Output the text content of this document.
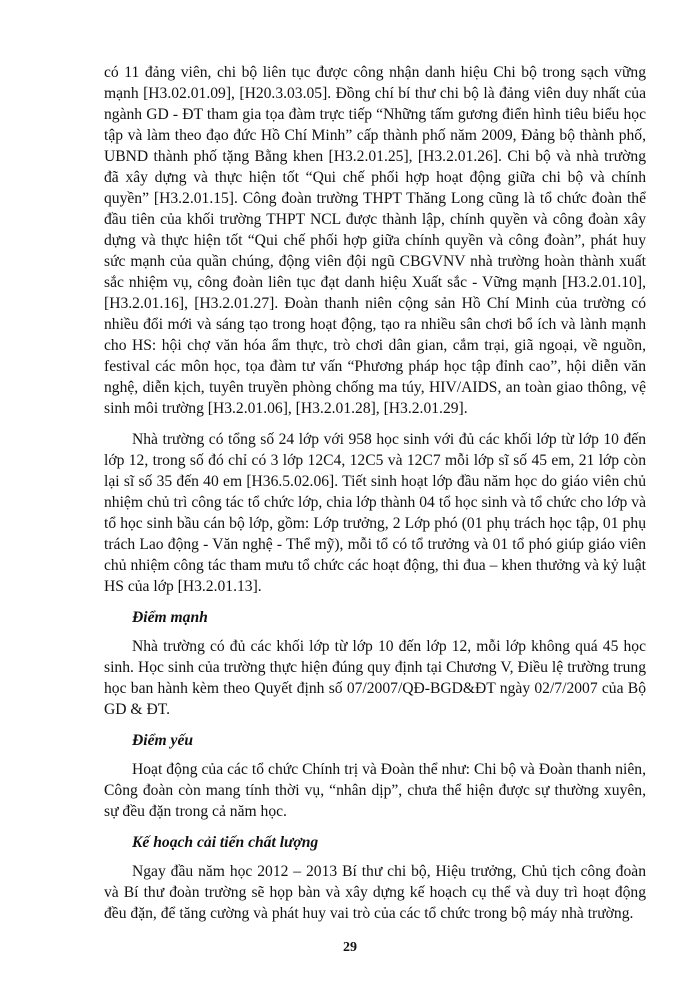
có 11 đảng viên, chi bộ liên tục được công nhận danh hiệu Chi bộ trong sạch vững mạnh [H3.02.01.09], [H20.3.03.05]. Đồng chí bí thư chi bộ là đảng viên duy nhất của ngành GD - ĐT tham gia tọa đàm trực tiếp “Những tấm gương điển hình tiêu biểu học tập và làm theo đạo đức Hồ Chí Minh” cấp thành phố năm 2009, Đảng bộ thành phố, UBND thành phố tặng Bằng khen [H3.2.01.25], [H3.2.01.26]. Chi bộ và nhà trường đã xây dựng và thực hiện tốt “Qui chế phối hợp hoạt động giữa chi bộ và chính quyền” [H3.2.01.15]. Công đoàn trường THPT Thăng Long cũng là tổ chức đoàn thể đầu tiên của khối trường THPT NCL được thành lập, chính quyền và công đoàn xây dựng và thực hiện tốt “Qui chế phối hợp giữa chính quyền và công đoàn”, phát huy sức mạnh của quần chúng, động viên đội ngũ CBGVNV nhà trường hoàn thành xuất sắc nhiệm vụ, công đoàn liên tục đạt danh hiệu Xuất sắc - Vững mạnh [H3.2.01.10], [H3.2.01.16], [H3.2.01.27]. Đoàn thanh niên cộng sản Hồ Chí Minh của trường có nhiều đổi mới và sáng tạo trong hoạt động, tạo ra nhiều sân chơi bổ ích và lành mạnh cho HS: hội chợ văn hóa ẩm thực, trò chơi dân gian, cắm trại, giã ngoại, về nguồn, festival các môn học, tọa đàm tư vấn “Phương pháp học tập đỉnh cao”, hội diễn văn nghệ, diễn kịch, tuyên truyền phòng chống ma túy, HIV/AIDS, an toàn giao thông, vệ sinh môi trường [H3.2.01.06], [H3.2.01.28], [H3.2.01.29].

Nhà trường có tổng số 24 lớp với 958 học sinh với đủ các khối lớp từ lớp 10 đến lớp 12, trong số đó chỉ có 3 lớp 12C4, 12C5 và 12C7 mỗi lớp sĩ số 45 em, 21 lớp còn lại sĩ số 35 đến 40 em [H36.5.02.06]. Tiết sinh hoạt lớp đầu năm học do giáo viên chủ nhiệm chủ trì công tác tổ chức lớp, chia lớp thành 04 tổ học sinh và tổ chức cho lớp và tổ học sinh bầu cán bộ lớp, gồm: Lớp trưởng, 2 Lớp phó (01 phụ trách học tập, 01 phụ trách Lao động - Văn nghệ - Thể mỹ), mỗi tổ có tổ trưởng và 01 tổ phó giúp giáo viên chủ nhiệm công tác tham mưu tổ chức các hoạt động, thi đua – khen thưởng và kỷ luật HS của lớp [H3.2.01.13].

Điểm mạnh

Nhà trường có đủ các khối lớp từ lớp 10 đến lớp 12, mỗi lớp không quá 45 học sinh. Học sinh của trường thực hiện đúng quy định tại Chương V, Điều lệ trường trung học ban hành kèm theo Quyết định số 07/2007/QĐ-BGD&ĐT ngày 02/7/2007 của Bộ GD & ĐT.

Điểm yếu

Hoạt động của các tổ chức Chính trị và Đoàn thể như: Chi bộ và Đoàn thanh niên, Công đoàn còn mang tính thời vụ, “nhân dịp”, chưa thể hiện được sự thường xuyên, sự đều đặn trong cả năm học.

Kế hoạch cải tiến chất lượng

Ngay đầu năm học 2012 – 2013 Bí thư chi bộ, Hiệu trưởng, Chủ tịch công đoàn và Bí thư đoàn trường sẽ họp bàn và xây dựng kế hoạch cụ thể và duy trì hoạt động đều đặn, để tăng cường và phát huy vai trò của các tổ chức trong bộ máy nhà trường.

29
